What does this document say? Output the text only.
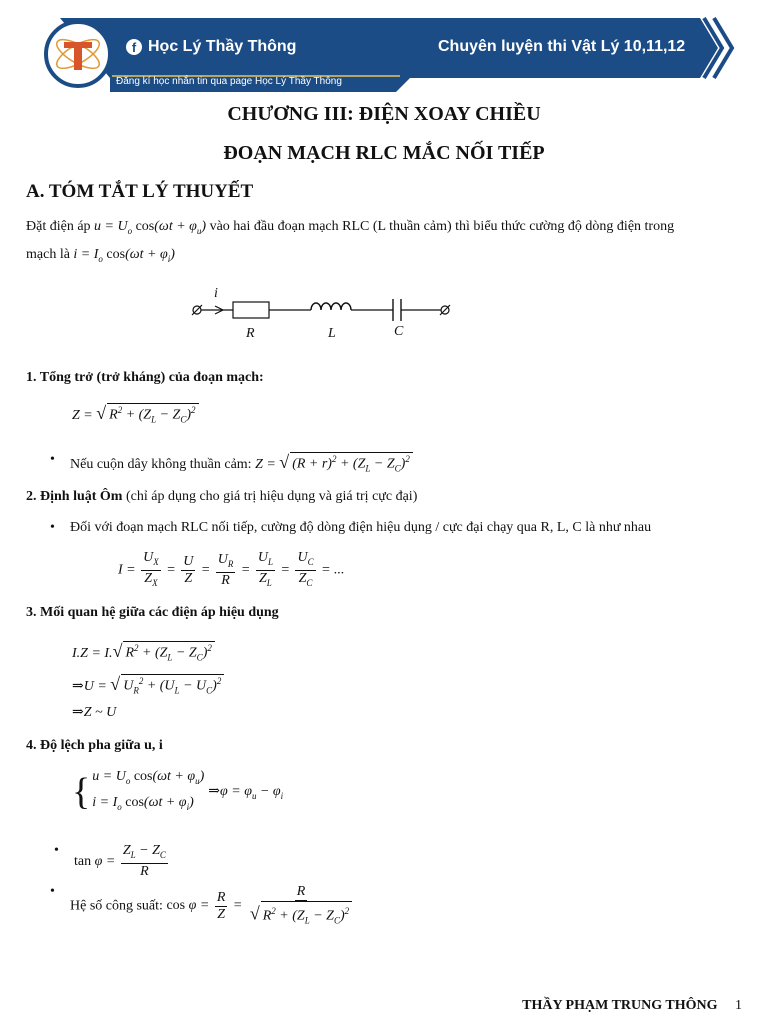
f Học Lý Thầy Thông	Chuyên luyện thi Vật Lý 10,11,12
Đăng kí học nhắn tin qua page Học Lý Thầy Thông
CHƯƠNG III: ĐIỆN XOAY CHIỀU
ĐOẠN MẠCH RLC MẮC NỐI TIẾP
A. TÓM TẮT LÝ THUYẾT
Đặt điện áp $u = U_o$ $\cos(\omega t + \varphi_u)$ vào hai đầu đoạn mạch RLC (L thuần cảm) thì biểu thức cường độ dòng điện trong
mạch là $i = I_o$ $\cos(\omega t + \varphi_i)$
i
R	L	C
1. Tổng trở (trở kháng) của đoạn mạch:
Z = √ $R^2 + (Z_L - Z_C)^2$
• Nếu cuộn dây không thuần cảm: Z = √ $(R + r)^2 + (Z_L - Z_C)^2$
2. Định luật Ôm (chỉ áp dụng cho giá trị hiệu dụng và giá trị cực đại)
• Đối với đoạn mạch RLC nối tiếp, cường độ dòng điện hiệu dụng / cực đại chạy qua R, L, C là như nhau
$I = \frac{U_X}{Z_X} = \frac{U}{Z} = \frac{U_R}{R} = \frac{U_L}{Z_L} = \frac{U_C}{Z_C}$ = ...
3. Mối quan hệ giữa các điện áp hiệu dụng
I.Z = I.√ $R^2 + (Z_L - Z_C)^2$
⇒U = √ $U_R^2 + (U_L - U_C)^2$
⇒Z ~ U
4. Độ lệch pha giữa u, i
{ $u = U_o$ $\cos(\omega t + \varphi_u)$
$i = I_o$ $\cos(\omega t + \varphi_i)$
⇒φ = $\varphi_u - \varphi_i$
• $\tan \varphi = \frac{Z_L - Z_C}{R}$
• Hệ số công suất: $\cos \varphi = \frac{R}{Z} = \frac{R}{√ R^2 + (Z_L - Z_C)^2}$
THẦY PHẠM TRUNG THÔNG 1
